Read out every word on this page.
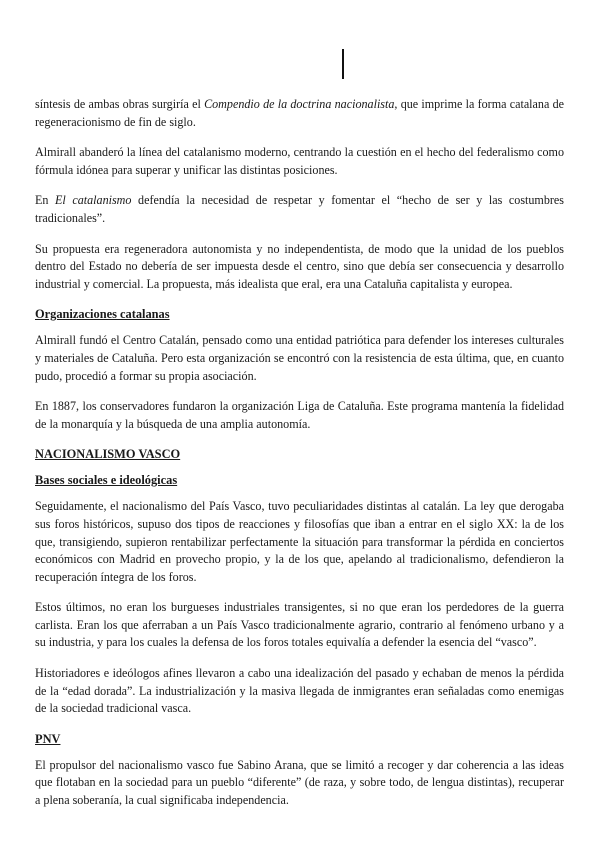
síntesis de ambas obras surgiría el Compendio de la doctrina nacionalista, que imprime la forma catalana de regeneracionismo de fin de siglo.

Almirall abanderó la línea del catalanismo moderno, centrando la cuestión en el hecho del federalismo como fórmula idónea para superar y unificar las distintas posiciones.

En El catalanismo defendía la necesidad de respetar y fomentar el “hecho de ser y las costumbres tradicionales”.

Su propuesta era regeneradora autonomista y no independentista, de modo que la unidad de los pueblos dentro del Estado no debería de ser impuesta desde el centro, sino que debía ser consecuencia y desarrollo industrial y comercial. La propuesta, más idealista que eral, era una Cataluña capitalista y europea.

Organizaciones catalanas

Almirall fundó el Centro Catalán, pensado como una entidad patriótica para defender los intereses culturales y materiales de Cataluña. Pero esta organización se encontró con la resistencia de esta última, que, en cuanto pudo, procedió a formar su propia asociación.

En 1887, los conservadores fundaron la organización Liga de Cataluña. Este programa mantenía la fidelidad de la monarquía y la búsqueda de una amplia autonomía.

NACIONALISMO VASCO
Bases sociales e ideológicas

Seguidamente, el nacionalismo del País Vasco, tuvo peculiaridades distintas al catalán. La ley que derogaba sus foros históricos, supuso dos tipos de reacciones y filosofías que iban a entrar en el siglo XX: la de los que, transigiendo, supieron rentabilizar perfectamente la situación para transformar la pérdida en conciertos económicos con Madrid en provecho propio, y la de los que, apelando al tradicionalismo, defendieron la recuperación íntegra de los foros.

Estos últimos, no eran los burgueses industriales transigentes, si no que eran los perdedores de la guerra carlista. Eran los que aferraban a un País Vasco tradicionalmente agrario, contrario al fenómeno urbano y a su industria, y para los cuales la defensa de los foros totales equivalía a defender la esencia del “vasco”.

Historiadores e ideólogos afines llevaron a cabo una idealización del pasado y echaban de menos la pérdida de la “edad dorada”. La industrialización y la masiva llegada de inmigrantes eran señaladas como enemigas de la sociedad tradicional vasca.

PNV

El propulsor del nacionalismo vasco fue Sabino Arana, que se limitó a recoger y dar coherencia a las ideas que flotaban en la sociedad para un pueblo “diferente” (de raza, y sobre todo, de lengua distintas), recuperar a plena soberanía, la cual significaba independencia.
